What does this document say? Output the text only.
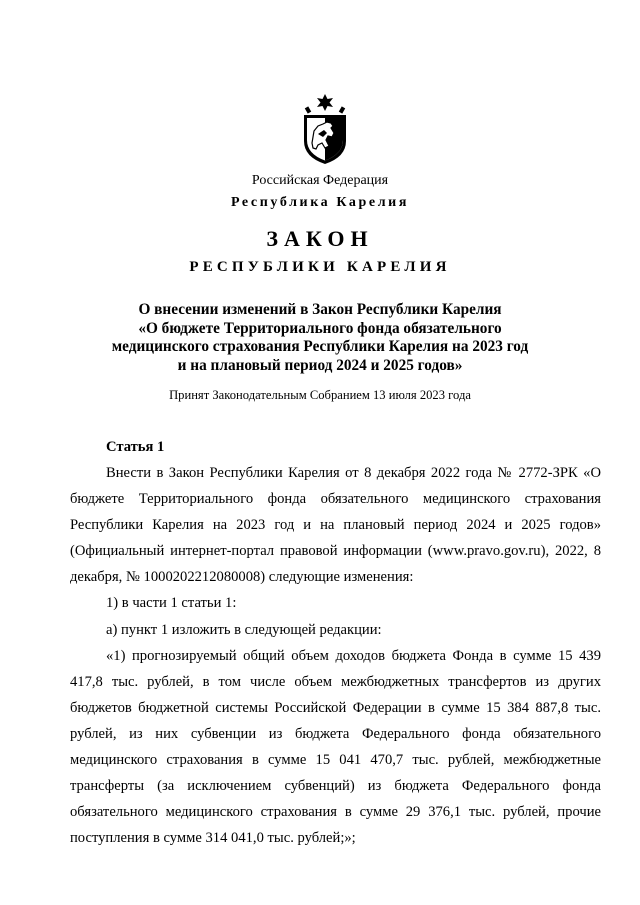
Российская Федерация
Республика Карелия
ЗАКОН
РЕСПУБЛИКИ КАРЕЛИЯ
О внесении изменений в Закон Республики Карелия
«О бюджете Территориального фонда обязательного
медицинского страхования Республики Карелия на 2023 год
и на плановый период 2024 и 2025 годов»
Принят Законодательным Собранием 13 июля 2023 года

Статья 1

Внести в Закон Республики Карелия от 8 декабря 2022 года № 2772-ЗРК «О бюджете Территориального фонда обязательного медицинского страхования Республики Карелия на 2023 год и на плановый период 2024 и 2025 годов» (Официальный интернет-портал правовой информации (www.pravo.gov.ru), 2022, 8 декабря, № 1000202212080008) следующие изменения:

1) в части 1 статьи 1:

а) пункт 1 изложить в следующей редакции:

«1) прогнозируемый общий объем доходов бюджета Фонда в сумме 15 439 417,8 тыс. рублей, в том числе объем межбюджетных трансфертов из других бюджетов бюджетной системы Российской Федерации в сумме 15 384 887,8 тыс. рублей, из них субвенции из бюджета Федерального фонда обязательного медицинского страхования в сумме 15 041 470,7 тыс. рублей, межбюджетные трансферты (за исключением субвенций) из бюджета Федерального фонда обязательного медицинского страхования в сумме 29 376,1 тыс. рублей, прочие поступления в сумме 314 041,0 тыс. рублей;»;
